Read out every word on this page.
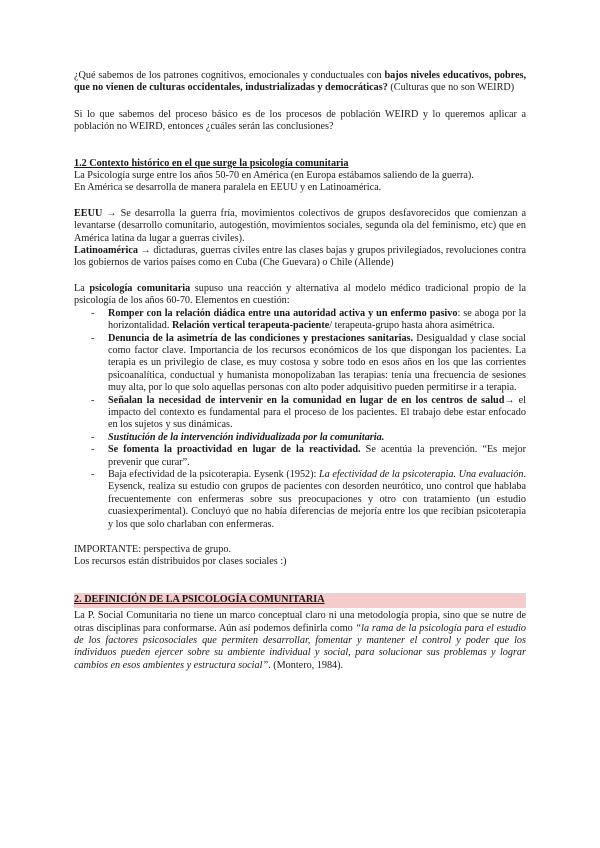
¿Qué sabemos de los patrones cognitivos, emocionales y conductuales con bajos niveles educativos, pobres, que no vienen de culturas occidentales, industrializadas y democráticas? (Culturas que no son WEIRD)

Si lo que sabemos del proceso básico es de los procesos de población WEIRD y lo queremos aplicar a población no WEIRD, entonces ¿cuáles serán las conclusiones?

1.2 Contexto histórico en el que surge la psicología comunitaria

La Psicología surge entre los años 50-70 en América (en Europa estábamos saliendo de la guerra).

En América se desarrolla de manera paralela en EEUU y en Latinoamérica.

EEUU → Se desarrolla la guerra fría, movimientos colectivos de grupos desfavorecidos que comienzan a levantarse (desarrollo comunitario, autogestión, movimientos sociales, segunda ola del feminismo, etc) que en América latina da lugar a guerras civiles).

Latinoamérica → dictaduras, guerras civiles entre las clases bajas y grupos privilegiados, revoluciones contra los gobiernos de varios países como en Cuba (Che Guevara) o Chile (Allende)

La psicología comunitaria supuso una reacción y alternativa al modelo médico tradicional propio de la psicología de los años 60-70. Elementos en cuestión:

- Romper con la relación diádica entre una autoridad activa y un enfermo pasivo: se aboga por la horizontalidad. Relación vertical terapeuta-paciente/ terapeuta-grupo hasta ahora asimétrica.
- Denuncia de la asimetría de las condiciones y prestaciones sanitarias. Desigualdad y clase social como factor clave. Importancia de los recursos económicos de los que dispongan los pacientes. La terapia es un privilegio de clase, es muy costosa y sobre todo en esos años en los que las corrientes psicoanalítica, conductual y humanista monopolizaban las terapias: tenía una frecuencia de sesiones muy alta, por lo que solo aquellas personas con alto poder adquisitivo pueden permitirse ir a terapia.
- Señalan la necesidad de intervenir en la comunidad en lugar de en los centros de salud→ el impacto del contexto es fundamental para el proceso de los pacientes. El trabajo debe estar enfocado en los sujetos y sus dinámicas.
- Sustitución de la intervención individualizada por la comunitaria.
- Se fomenta la proactividad en lugar de la reactividad. Se acentúa la prevención. “Es mejor prevenir que curar”.
- Baja efectividad de la psicoterapia. Eysenk (1952): La efectividad de la psicoterapia. Una evaluación. Eysenck, realiza su estudio con grupos de pacientes con desorden neurótico, uno control que hablaba frecuentemente con enfermeras sobre sus preocupaciones y otro con tratamiento (un estudio cuasiexperimental). Concluyó que no había diferencias de mejoría entre los que recibían psicoterapia y los que solo charlaban con enfermeras.

IMPORTANTE: perspectiva de grupo.

Los recursos están distribuidos por clases sociales :)

2. DEFINICIÓN DE LA PSICOLOGÍA COMUNITARIA

La P. Social Comunitaria no tiene un marco conceptual claro ni una metodología propia, sino que se nutre de otras disciplinas para conformarse. Aún así podemos definirla como “la rama de la psicología para el estudio de los factores psicosociales que permiten desarrollar, fomentar y mantener el control y poder que los individuos pueden ejercer sobre su ambiente individual y social, para solucionar sus problemas y lograr cambios en esos ambientes y estructura social”. (Montero, 1984).
